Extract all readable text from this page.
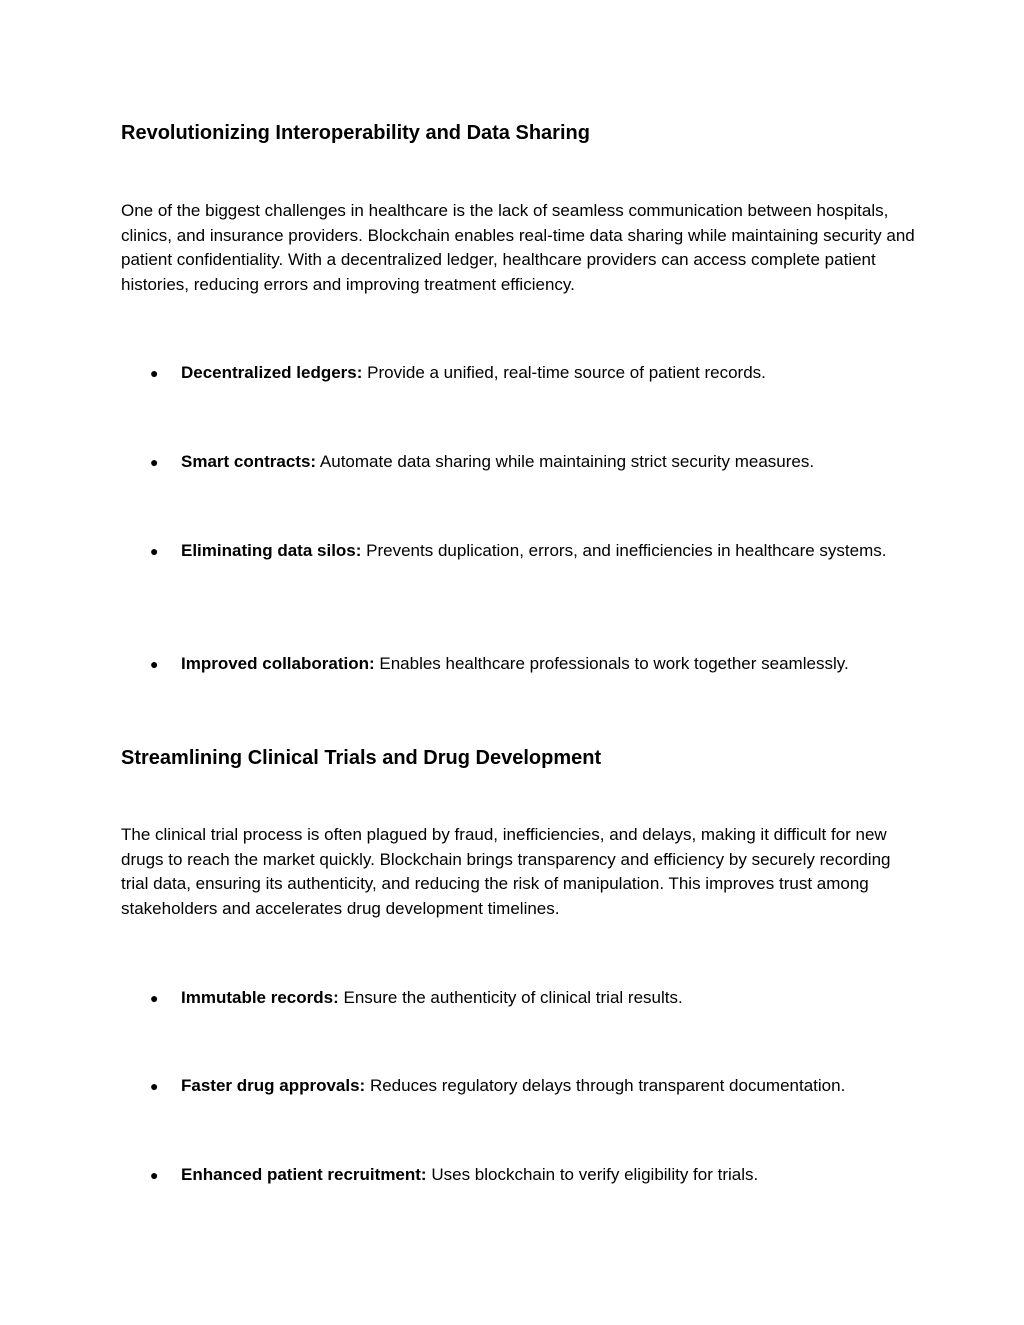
Revolutionizing Interoperability and Data Sharing

One of the biggest challenges in healthcare is the lack of seamless communication between hospitals, clinics, and insurance providers. Blockchain enables real-time data sharing while maintaining security and patient confidentiality. With a decentralized ledger, healthcare providers can access complete patient histories, reducing errors and improving treatment efficiency.

● Decentralized ledgers: Provide a unified, real-time source of patient records.
● Smart contracts: Automate data sharing while maintaining strict security measures.
● Eliminating data silos: Prevents duplication, errors, and inefficiencies in healthcare systems.
● Improved collaboration: Enables healthcare professionals to work together seamlessly.
Streamlining Clinical Trials and Drug Development

The clinical trial process is often plagued by fraud, inefficiencies, and delays, making it difficult for new drugs to reach the market quickly. Blockchain brings transparency and efficiency by securely recording trial data, ensuring its authenticity, and reducing the risk of manipulation. This improves trust among stakeholders and accelerates drug development timelines.

● Immutable records: Ensure the authenticity of clinical trial results.
● Faster drug approvals: Reduces regulatory delays through transparent documentation.
● Enhanced patient recruitment: Uses blockchain to verify eligibility for trials.
